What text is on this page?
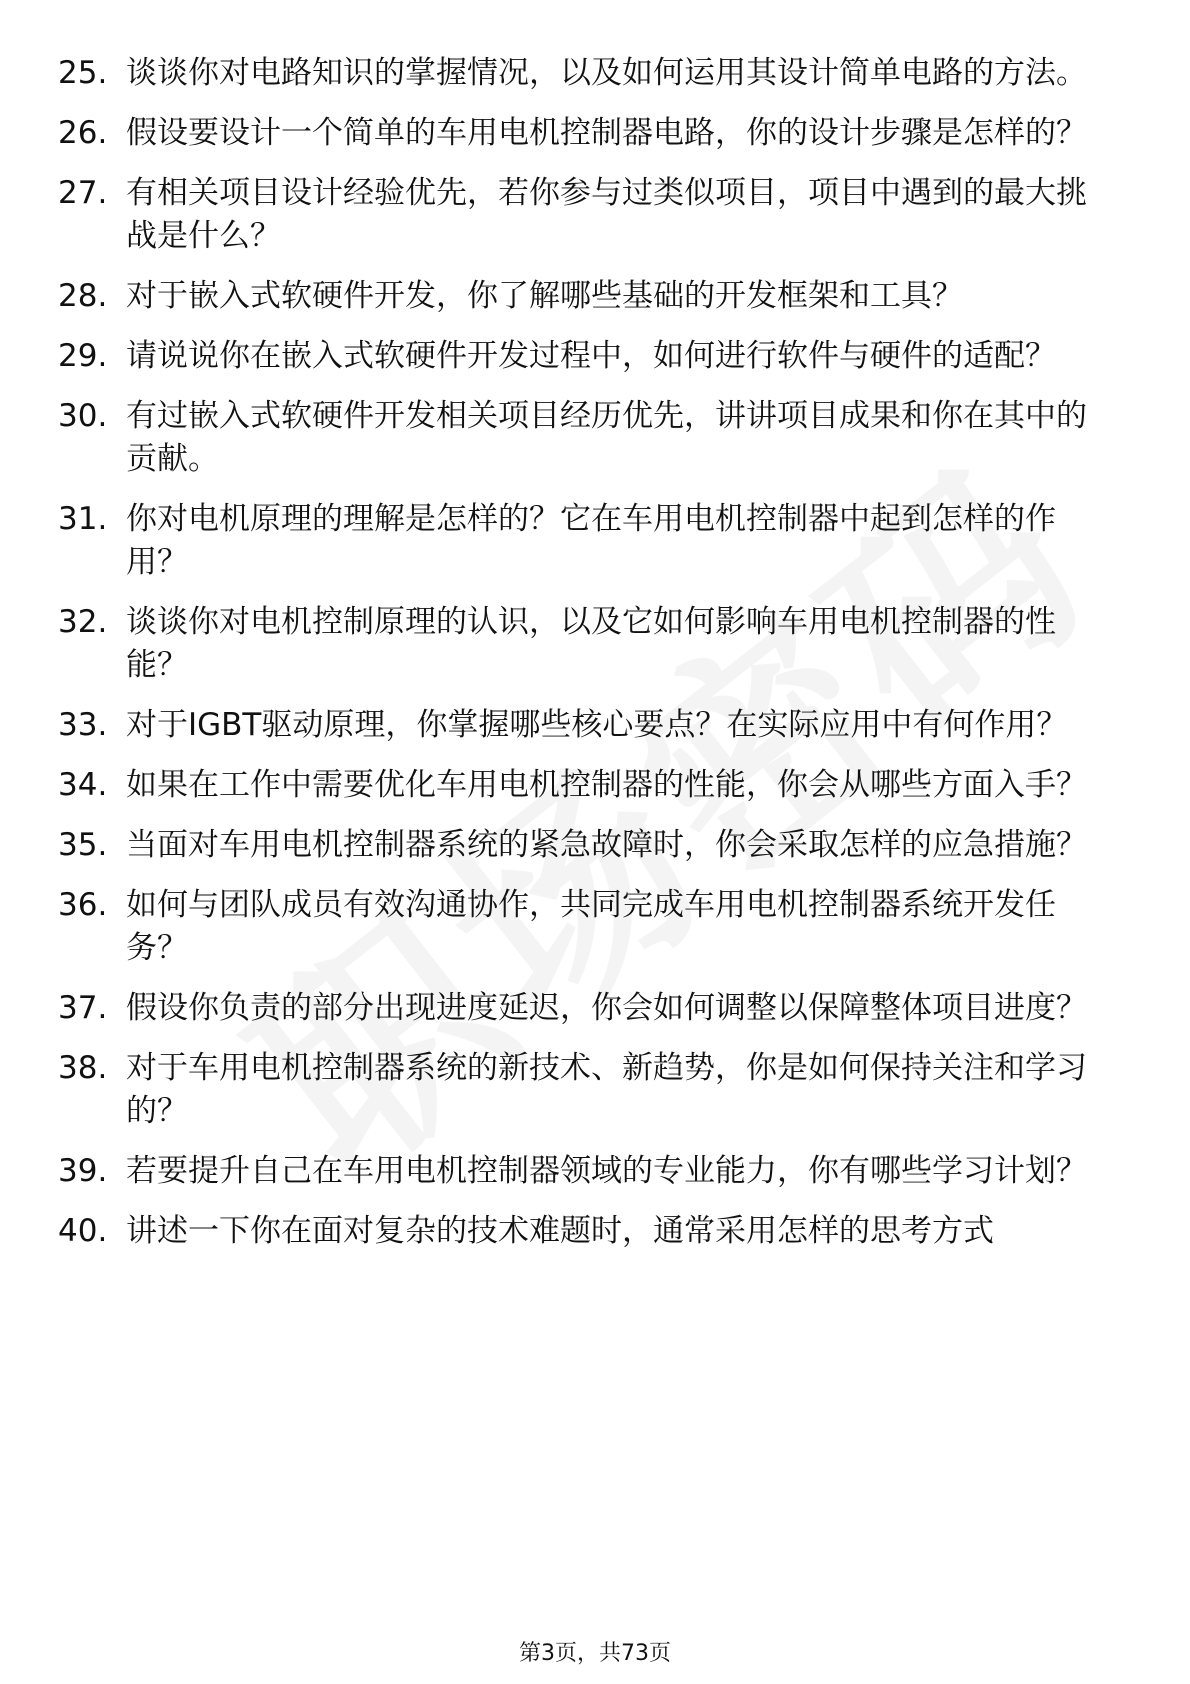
25. 谈谈你对电路知识的掌握情况，以及如何运用其设计简单电路的方法。
26. 假设要设计一个简单的车用电机控制器电路，你的设计步骤是怎样的？
27. 有相关项目设计经验优先，若你参与过类似项目，项目中遇到的最大挑战是什么？
28. 对于嵌入式软硬件开发，你了解哪些基础的开发框架和工具？
29. 请说说你在嵌入式软硬件开发过程中，如何进行软件与硬件的适配？
30. 有过嵌入式软硬件开发相关项目经历优先，讲讲项目成果和你在其中的贡献。
31. 你对电机原理的理解是怎样的？它在车用电机控制器中起到怎样的作用？
32. 谈谈你对电机控制原理的认识，以及它如何影响车用电机控制器的性能？
33. 对于IGBT驱动原理，你掌握哪些核心要点？在实际应用中有何作用？
34. 如果在工作中需要优化车用电机控制器的性能，你会从哪些方面入手？
35. 当面对车用电机控制器系统的紧急故障时，你会采取怎样的应急措施？
36. 如何与团队成员有效沟通协作，共同完成车用电机控制器系统开发任务？
37. 假设你负责的部分出现进度延迟，你会如何调整以保障整体项目进度？
38. 对于车用电机控制器系统的新技术、新趋势，你是如何保持关注和学习的？
39. 若要提升自己在车用电机控制器领域的专业能力，你有哪些学习计划？
40. 讲述一下你在面对复杂的技术难题时，通常采用怎样的思考方式
第3页，共73页
